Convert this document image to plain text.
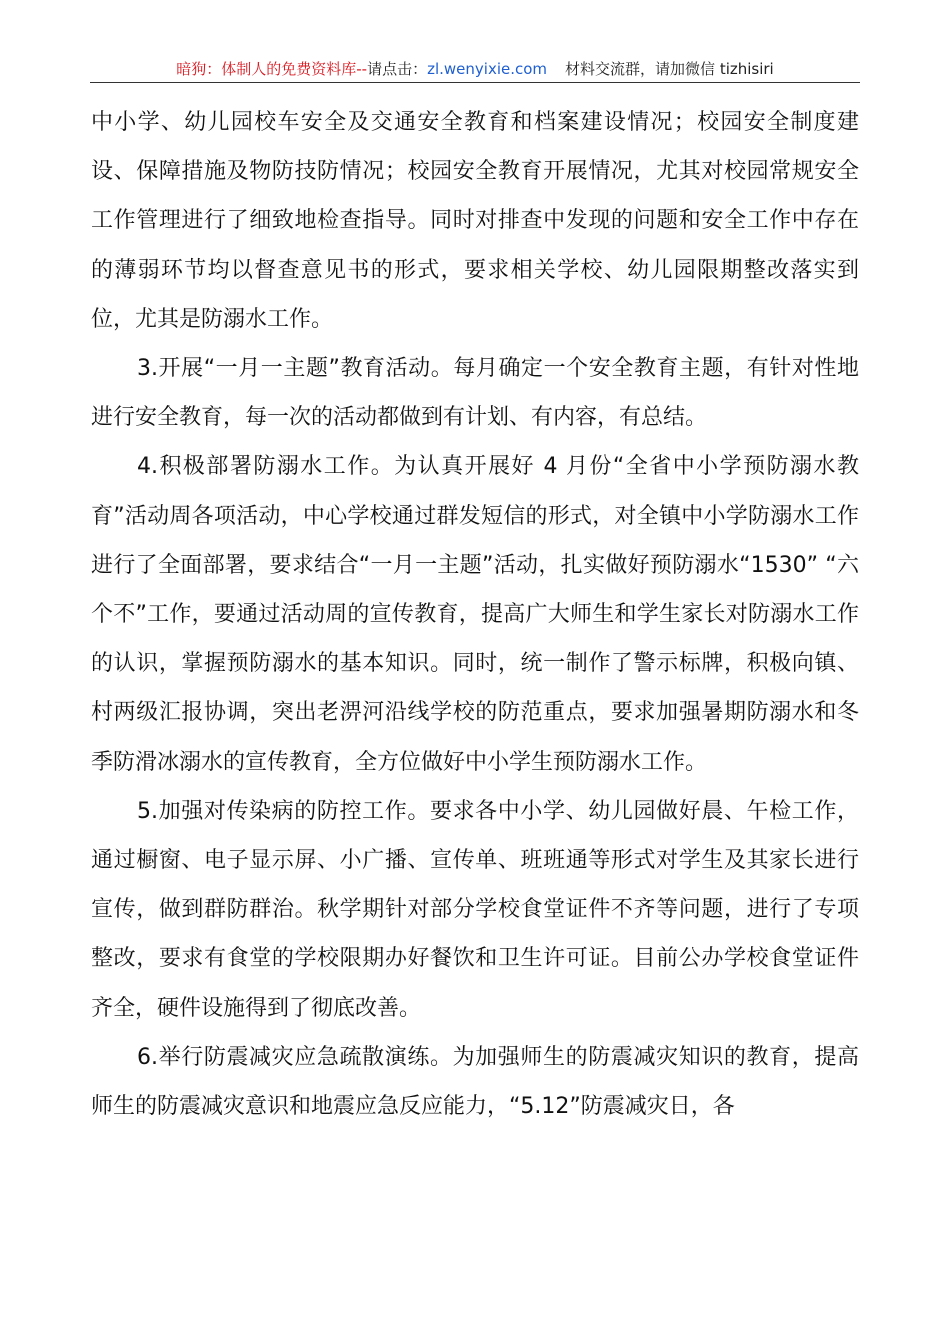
暗狗：体制人的免费资料库--请点击：zl.wenyixie.com 材料交流群，请加微信 tizhisiri

中小学、幼儿园校车安全及交通安全教育和档案建设情况；校园安全制度建设、保障措施及物防技防情况；校园安全教育开展情况，尤其对校园常规安全工作管理进行了细致地检查指导。同时对排查中发现的问题和安全工作中存在的薄弱环节均以督查意见书的形式，要求相关学校、幼儿园限期整改落实到位，尤其是防溺水工作。

3.开展“一月一主题”教育活动。每月确定一个安全教育主题，有针对性地进行安全教育，每一次的活动都做到有计划、有内容，有总结。

4.积极部署防溺水工作。为认真开展好 4 月份“全省中小学预防溺水教育”活动周各项活动，中心学校通过群发短信的形式，对全镇中小学防溺水工作进行了全面部署，要求结合“一月一主题”活动，扎实做好预防溺水“1530” “六个不”工作，要通过活动周的宣传教育，提高广大师生和学生家长对防溺水工作的认识，掌握预防溺水的基本知识。同时，统一制作了警示标牌，积极向镇、村两级汇报协调，突出老淠河沿线学校的防范重点，要求加强暑期防溺水和冬季防滑冰溺水的宣传教育，全方位做好中小学生预防溺水工作。

5.加强对传染病的防控工作。要求各中小学、幼儿园做好晨、午检工作，通过橱窗、电子显示屏、小广播、宣传单、班班通等形式对学生及其家长进行宣传，做到群防群治。秋学期针对部分学校食堂证件不齐等问题，进行了专项整改，要求有食堂的学校限期办好餐饮和卫生许可证。目前公办学校食堂证件齐全，硬件设施得到了彻底改善。

6.举行防震减灾应急疏散演练。为加强师生的防震减灾知识的教育，提高师生的防震减灾意识和地震应急反应能力，“5.12”防震减灾日，各
